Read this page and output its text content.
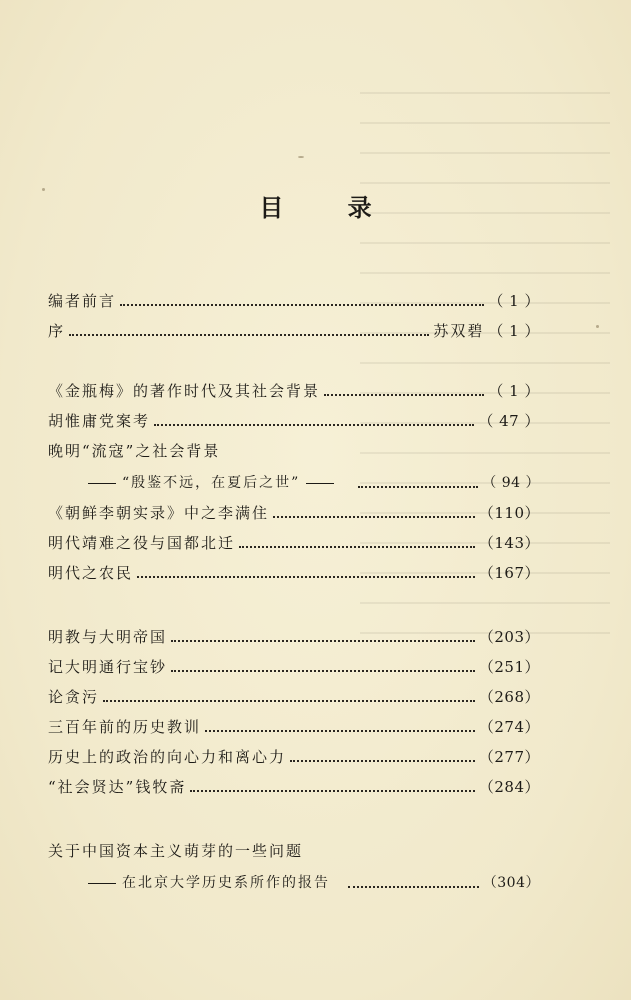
目 录
编者前言	（ 1 ）
序	苏双碧 （ 1 ）
《金瓶梅》的著作时代及其社会背景	（ 1 ）
胡惟庸党案考	（ 47 ）
晚明“流寇”之社会背景
“殷鉴不远，在夏后之世”	（ 94 ）
《朝鲜李朝实录》中之李满住	（110）
明代靖难之役与国都北迁	（143）
明代之农民	（167）
明教与大明帝国	（203）
记大明通行宝钞	（251）
论贪污	（268）
三百年前的历史教训	（274）
历史上的政治的向心力和离心力	（277）
“社会贤达”钱牧斋	（284）
关于中国资本主义萌芽的一些问题
在北京大学历史系所作的报告	（304）
